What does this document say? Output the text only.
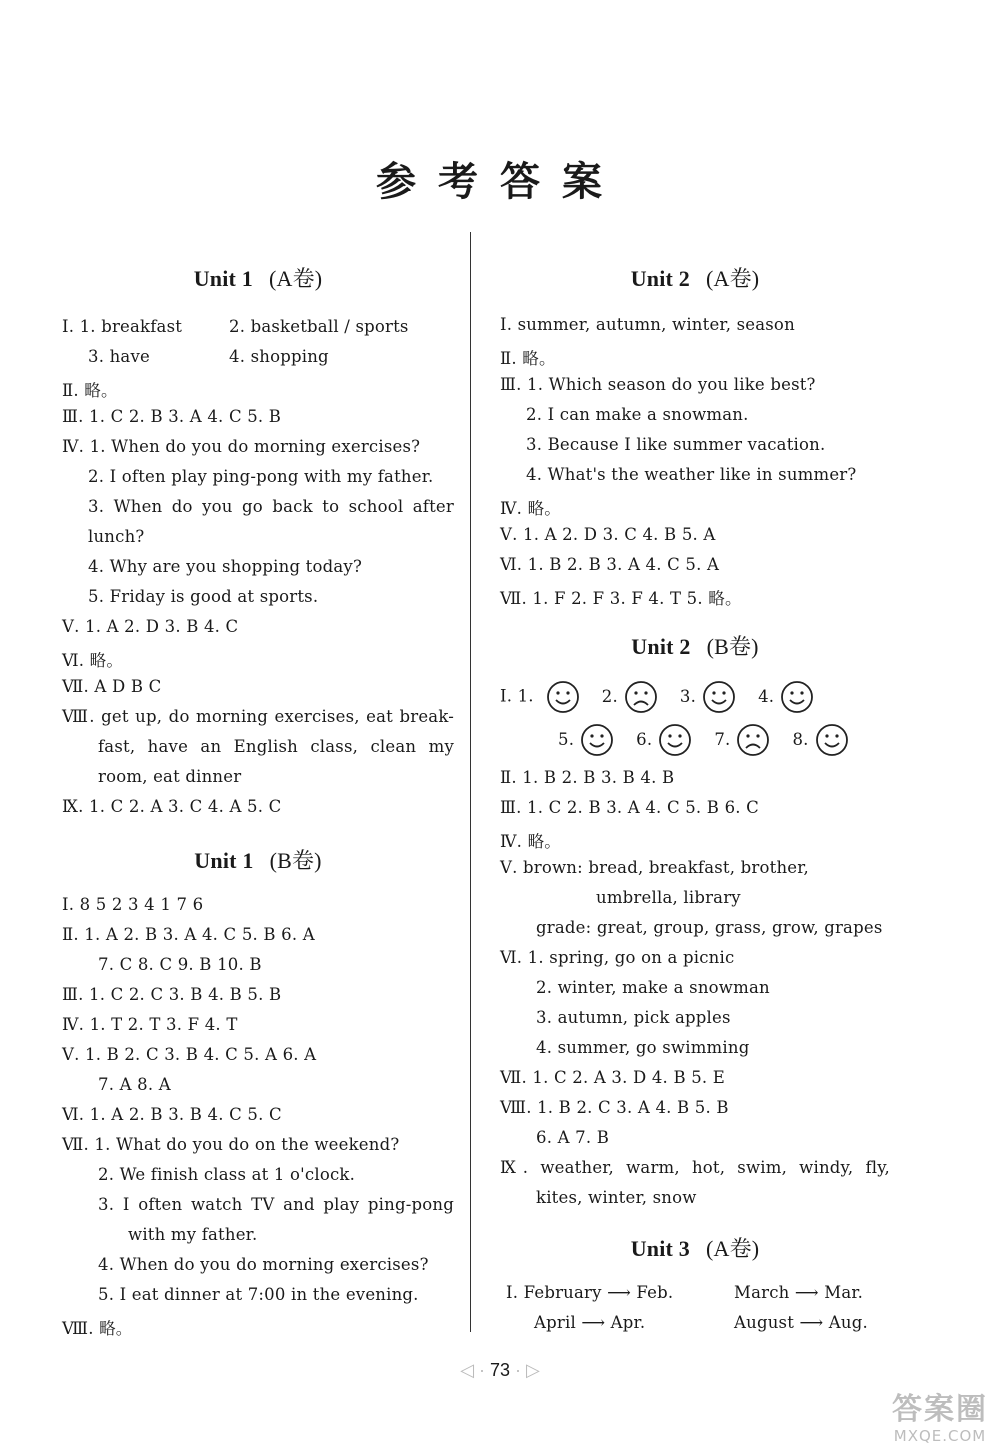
参考答案
Unit 1 (A卷)
Ⅰ. 1. breakfast	2. basketball / sports
3. have	4. shopping
Ⅱ. 略。
Ⅲ. 1. C 2. B 3. A 4. C 5. B
Ⅳ. 1. When do you do morning exercises?
2. I often play ping-pong with my father.
3. When do you go back to school after
lunch?
4. Why are you shopping today?
5. Friday is good at sports.
Ⅴ. 1. A 2. D 3. B 4. C
Ⅵ. 略。
Ⅶ. A D B C
Ⅷ. get up, do morning exercises, eat break-
fast, have an English class, clean my
room, eat dinner
Ⅸ. 1. C 2. A 3. C 4. A 5. C
Unit 1 (B卷)
Ⅰ. 8 5 2 3 4 1 7 6
Ⅱ. 1. A 2. B 3. A 4. C 5. B 6. A
7. C 8. C 9. B 10. B
Ⅲ. 1. C 2. C 3. B 4. B 5. B
Ⅳ. 1. T 2. T 3. F 4. T
Ⅴ. 1. B 2. C 3. B 4. C 5. A 6. A
7. A 8. A
Ⅵ. 1. A 2. B 3. B 4. C 5. C
Ⅶ. 1. What do you do on the weekend?
2. We finish class at 1 o'clock.
3. I often watch TV and play ping-pong
with my father.
4. When do you do morning exercises?
5. I eat dinner at 7:00 in the evening.
Ⅷ. 略。
Unit 2 (A卷)
Ⅰ. summer, autumn, winter, season
Ⅱ. 略。
Ⅲ. 1. Which season do you like best?
2. I can make a snowman.
3. Because I like summer vacation.
4. What's the weather like in summer?
Ⅳ. 略。
Ⅴ. 1. A 2. D 3. C 4. B 5. A
Ⅵ. 1. B 2. B 3. A 4. C 5. A
Ⅶ. 1. F 2. F 3. F 4. T 5. 略。
Unit 2 (B卷)
Ⅰ. 1.	2.	3.	4.
5.	6.	7.	8.
Ⅱ. 1. B 2. B 3. B 4. B
Ⅲ. 1. C 2. B 3. A 4. C 5. B 6. C
Ⅳ. 略。
Ⅴ. brown: bread, breakfast, brother,
umbrella, library
grade: great, group, grass, grow, grapes
Ⅵ. 1. spring, go on a picnic
2. winter, make a snowman
3. autumn, pick apples
4. summer, go swimming
Ⅶ. 1. C 2. A 3. D 4. B 5. E
Ⅷ. 1. B 2. C 3. A 4. B 5. B
6. A 7. B
Ⅸ. weather, warm, hot, swim, windy, fly,
kites, winter, snow
Unit 3 (A卷)
Ⅰ. February ⟶ Feb.	March ⟶ Mar.
April ⟶ Apr.	August ⟶ Aug.
◁ · 73 · ▷
答案圈
MXQE.COM
